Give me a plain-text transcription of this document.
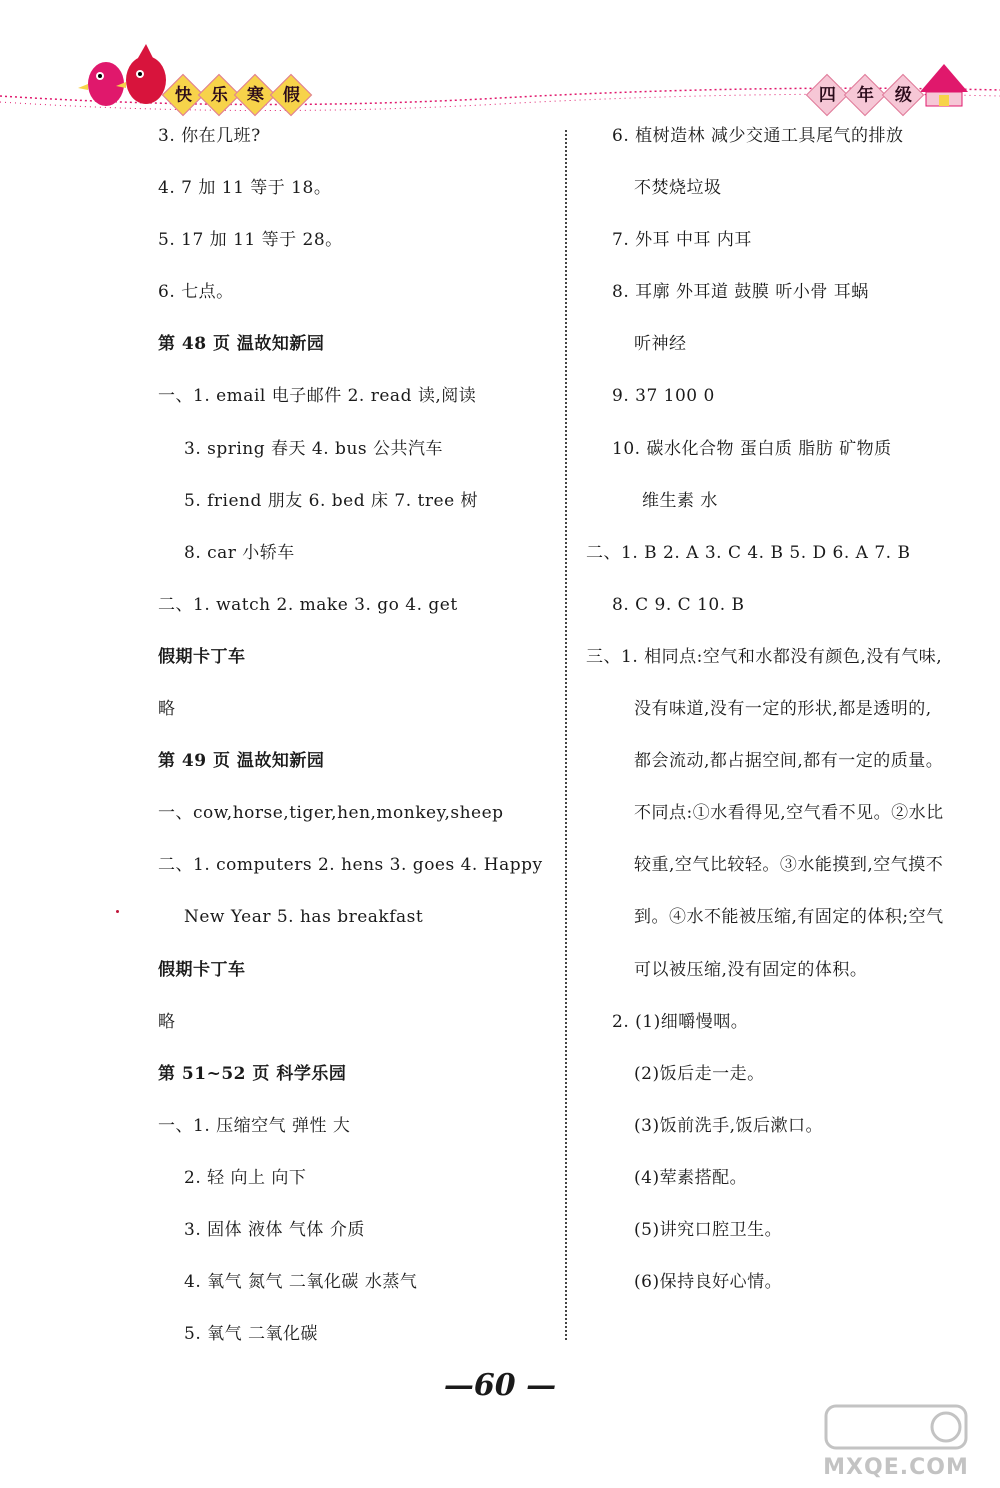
快	乐	寒	假	四	年	级
3. 你在几班?
4. 7 加 11 等于 18。
5. 17 加 11 等于 28。
6. 七点。
第 48 页 温故知新园
一、1. email 电子邮件 2. read 读,阅读
3. spring 春天 4. bus 公共汽车
5. friend 朋友 6. bed 床 7. tree 树
8. car 小轿车
二、1. watch 2. make 3. go 4. get
假期卡丁车
略
第 49 页 温故知新园
一、cow,horse,tiger,hen,monkey,sheep
二、1. computers 2. hens 3. goes 4. Happy
New Year 5. has breakfast
假期卡丁车
略
第 51~52 页 科学乐园
一、1. 压缩空气 弹性 大
2. 轻 向上 向下
3. 固体 液体 气体 介质
4. 氧气 氮气 二氧化碳 水蒸气
5. 氧气 二氧化碳
6. 植树造林 减少交通工具尾气的排放
不焚烧垃圾
7. 外耳 中耳 内耳
8. 耳廓 外耳道 鼓膜 听小骨 耳蜗
听神经
9. 37 100 0
10. 碳水化合物 蛋白质 脂肪 矿物质
维生素 水
二、1. B 2. A 3. C 4. B 5. D 6. A 7. B
8. C 9. C 10. B
三、1. 相同点:空气和水都没有颜色,没有气味,
没有味道,没有一定的形状,都是透明的,
都会流动,都占据空间,都有一定的质量。
不同点:①水看得见,空气看不见。②水比
较重,空气比较轻。③水能摸到,空气摸不
到。④水不能被压缩,有固定的体积;空气
可以被压缩,没有固定的体积。
2. (1)细嚼慢咽。
(2)饭后走一走。
(3)饭前洗手,饭后漱口。
(4)荤素搭配。
(5)讲究口腔卫生。
(6)保持良好心情。
—60 —
MXQE.COM
